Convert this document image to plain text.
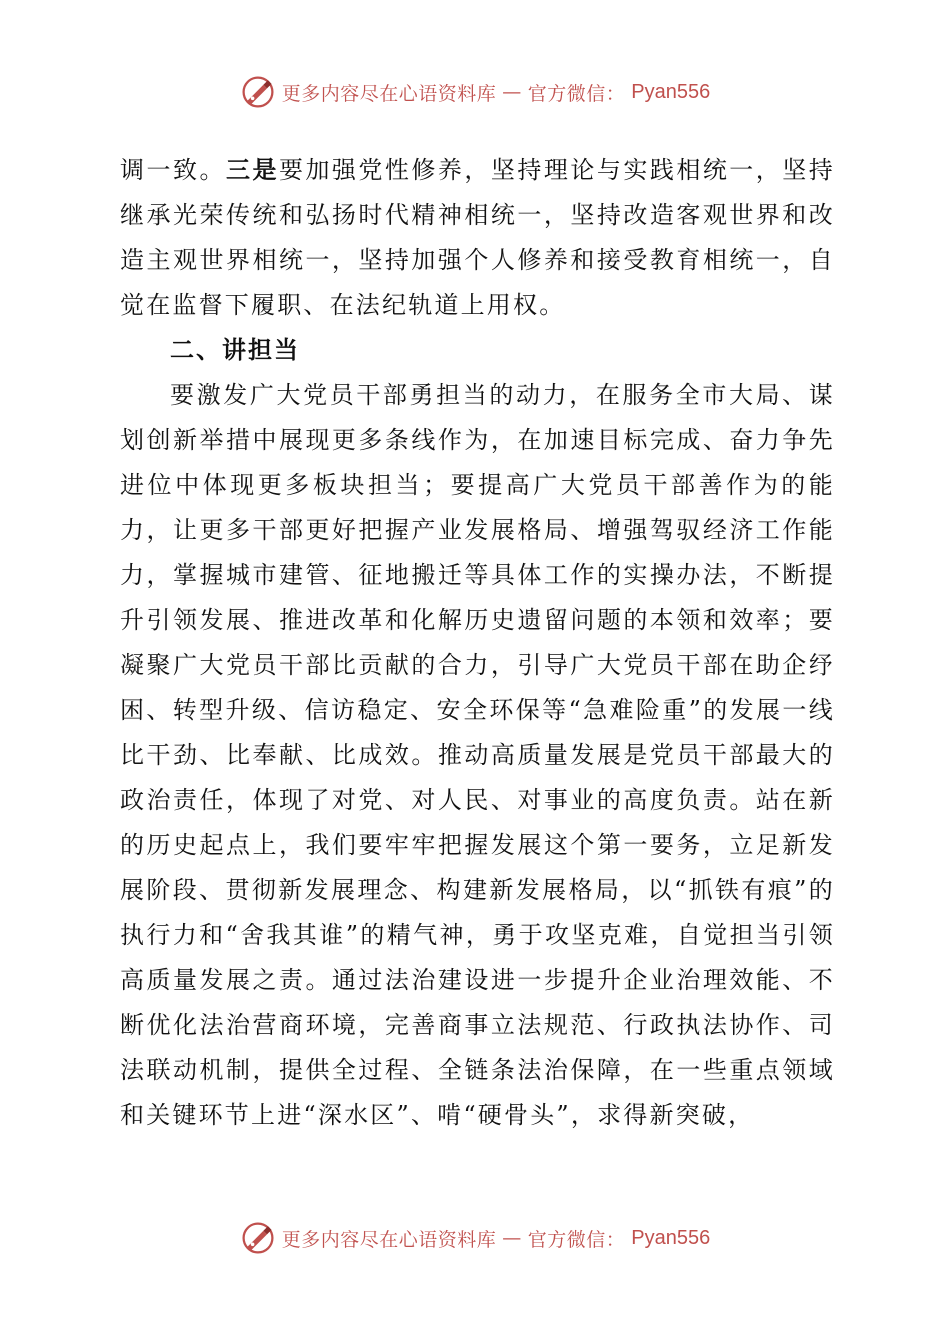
更多内容尽在心语资料库 — 官方微信： Pyan556

调一致。三是要加强党性修养，坚持理论与实践相统一，坚持继承光荣传统和弘扬时代精神相统一，坚持改造客观世界和改造主观世界相统一，坚持加强个人修养和接受教育相统一，自觉在监督下履职、在法纪轨道上用权。

二、讲担当

要激发广大党员干部勇担当的动力，在服务全市大局、谋划创新举措中展现更多条线作为，在加速目标完成、奋力争先进位中体现更多板块担当；要提高广大党员干部善作为的能力，让更多干部更好把握产业发展格局、增强驾驭经济工作能力，掌握城市建管、征地搬迁等具体工作的实操办法，不断提升引领发展、推进改革和化解历史遗留问题的本领和效率；要凝聚广大党员干部比贡献的合力，引导广大党员干部在助企纾困、转型升级、信访稳定、安全环保等“急难险重”的发展一线比干劲、比奉献、比成效。推动高质量发展是党员干部最大的政治责任，体现了对党、对人民、对事业的高度负责。站在新的历史起点上，我们要牢牢把握发展这个第一要务，立足新发展阶段、贯彻新发展理念、构建新发展格局，以“抓铁有痕”的执行力和“舍我其谁”的精气神，勇于攻坚克难，自觉担当引领高质量发展之责。通过法治建设进一步提升企业治理效能、不断优化法治营商环境，完善商事立法规范、行政执法协作、司法联动机制，提供全过程、全链条法治保障，在一些重点领域和关键环节上进“深水区”、啃“硬骨头”，求得新突破，

更多内容尽在心语资料库 — 官方微信： Pyan556
